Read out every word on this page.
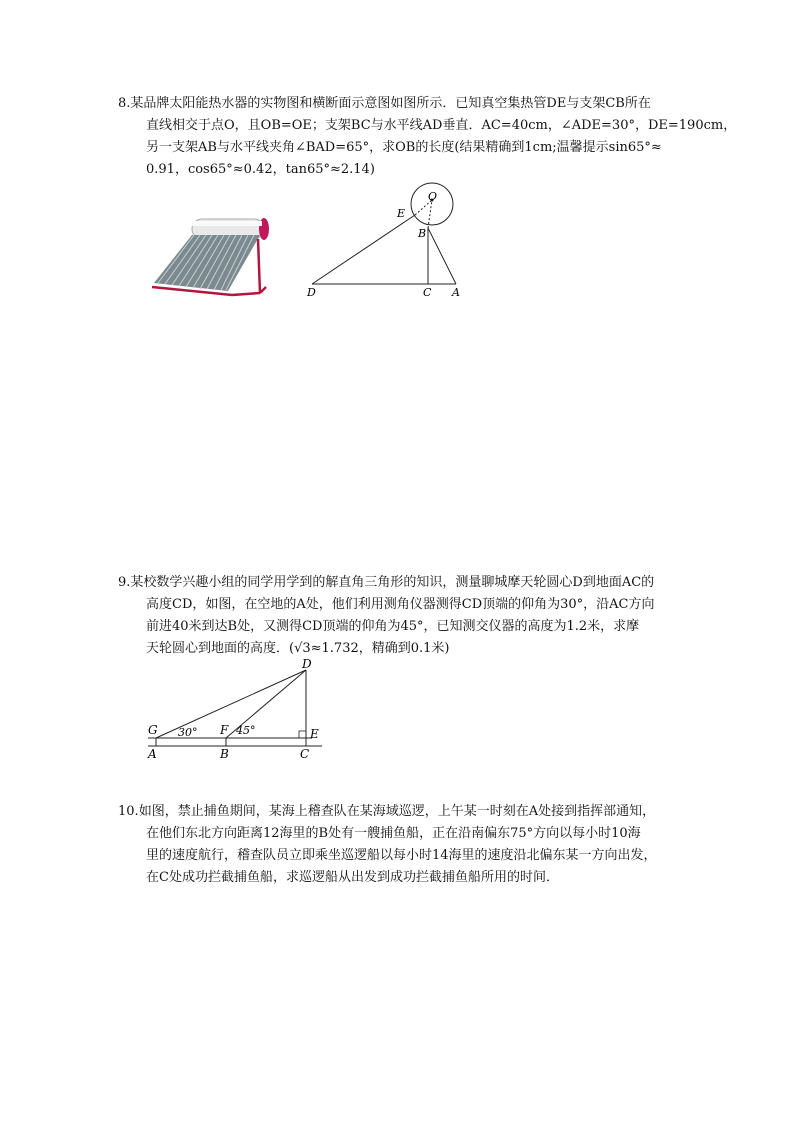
8.某品牌太阳能热水器的实物图和横断面示意图如图所示．已知真空集热管DE与支架CB所在
直线相交于点O，且OB=OE；支架BC与水平线AD垂直．AC=40cm，∠ADE=30°，DE=190cm，
另一支架AB与水平线夹角∠BAD=65°，求OB的长度(结果精确到1cm;温馨提示sin65°≈
0.91，cos65°≈0.42，tan65°≈2.14)
O
E
B
D	C A
9.某校数学兴趣小组的同学用学到的解直角三角形的知识，测量聊城摩天轮圆心D到地面AC的
高度CD，如图，在空地的A处，他们利用测角仪器测得CD顶端的仰角为30°，沿AC方向
前进40米到达B处，又测得CD顶端的仰角为45°，已知测交仪器的高度为1.2米，求摩
天轮圆心到地面的高度．(√3≈1.732，精确到0.1米)
D
G	F	E
A	B	C
30°	45°
10.如图，禁止捕鱼期间，某海上稽查队在某海域巡逻，上午某一时刻在A处接到指挥部通知，
在他们东北方向距离12海里的B处有一艘捕鱼船，正在沿南偏东75°方向以每小时10海
里的速度航行，稽查队员立即乘坐巡逻船以每小时14海里的速度沿北偏东某一方向出发，
在C处成功拦截捕鱼船，求巡逻船从出发到成功拦截捕鱼船所用的时间．
